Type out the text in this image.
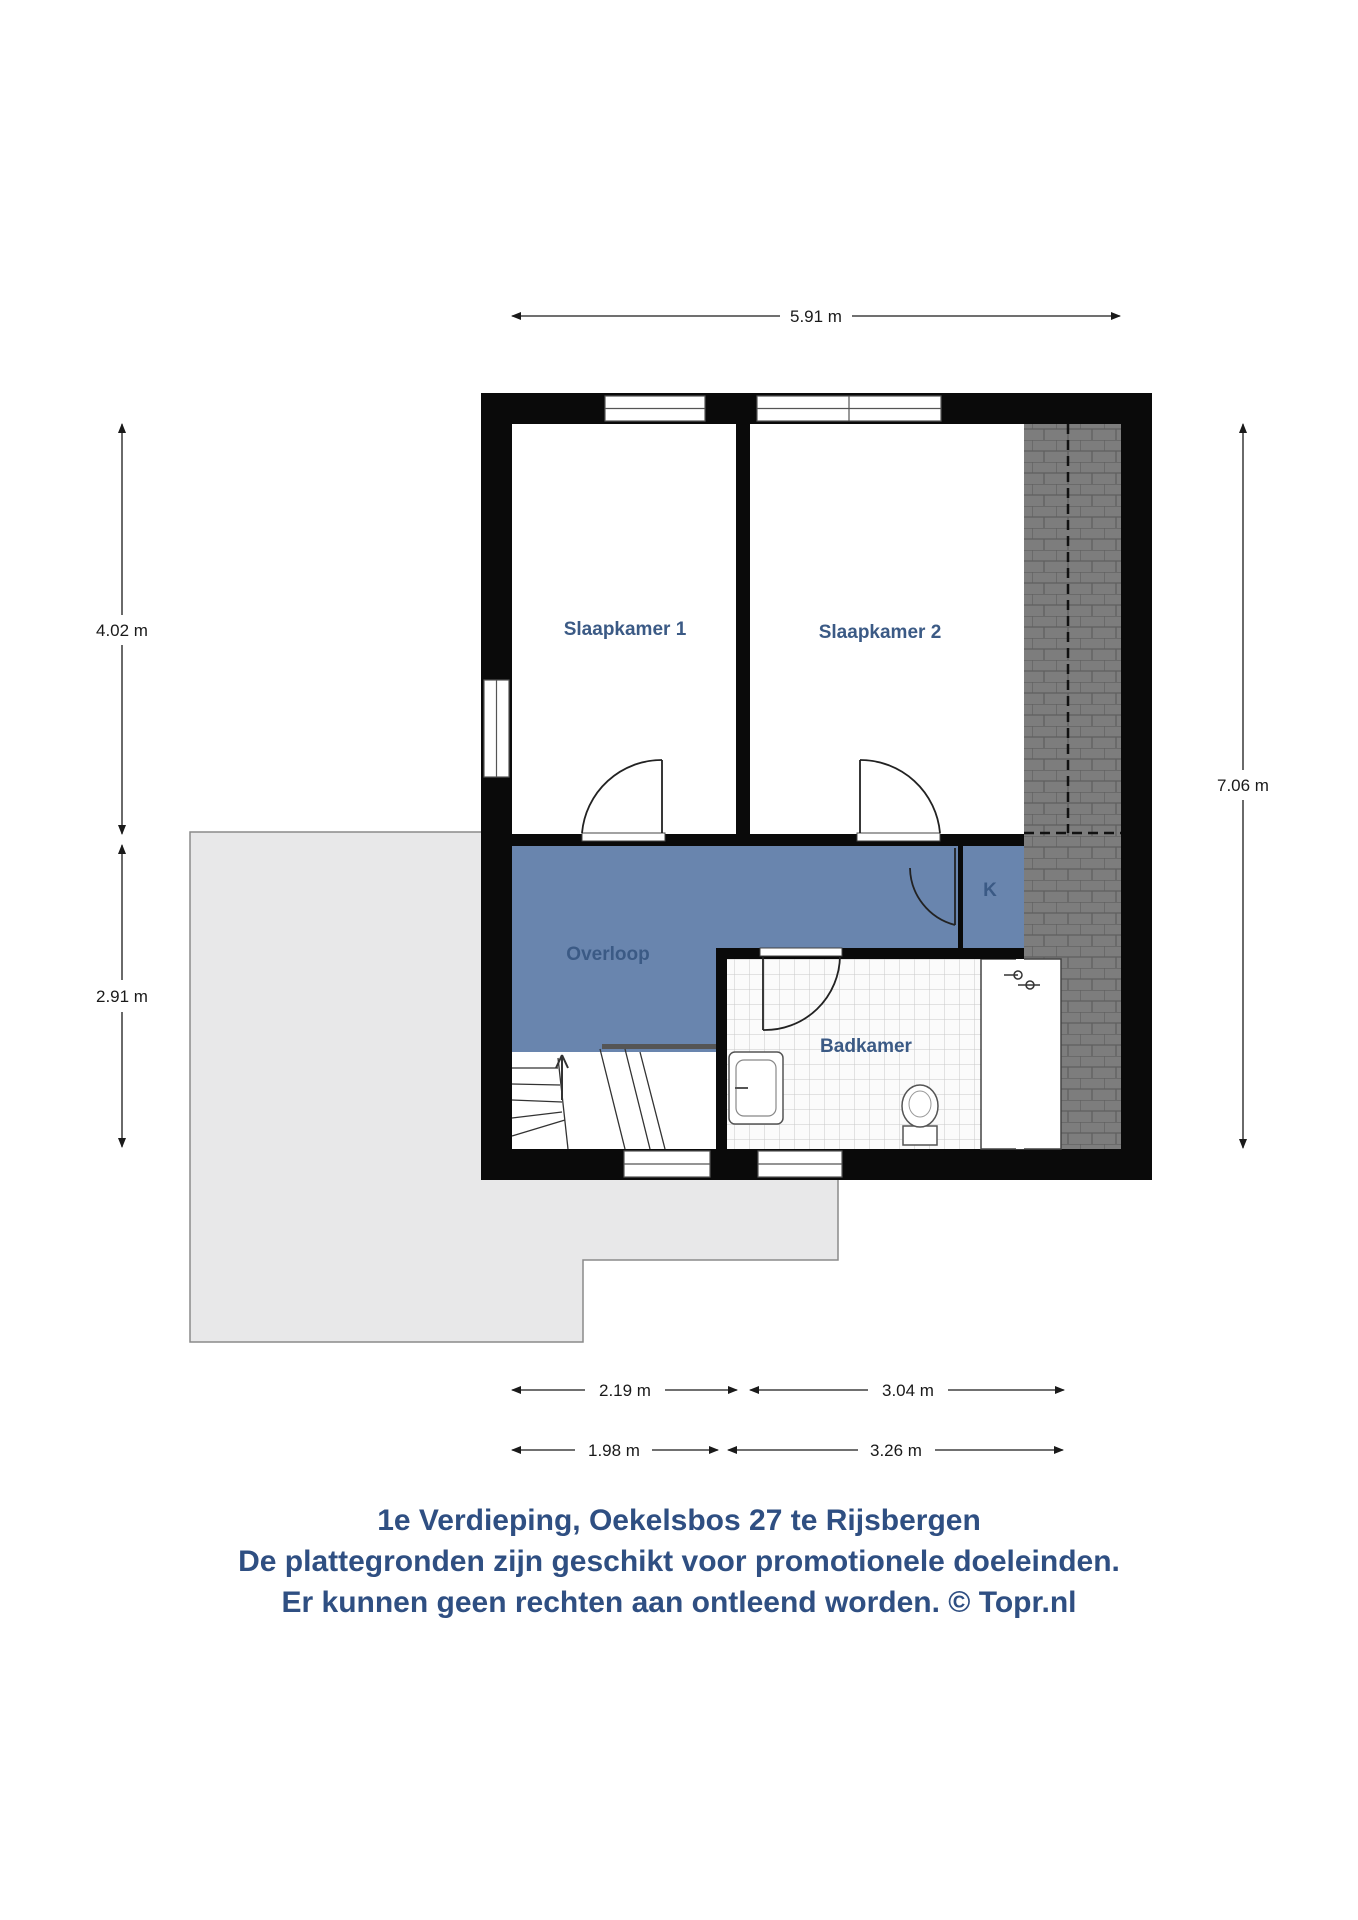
Slaapkamer 1	Slaapkamer 2
Overloop
Badkamer
K
5.91 m
4.02 m
2.91 m
7.06 m
2.19 m	3.04 m
1.98 m	3.26 m
1e Verdieping, Oekelsbos 27 te Rijsbergen
De plattegronden zijn geschikt voor promotionele doeleinden.
Er kunnen geen rechten aan ontleend worden. © Topr.nl
